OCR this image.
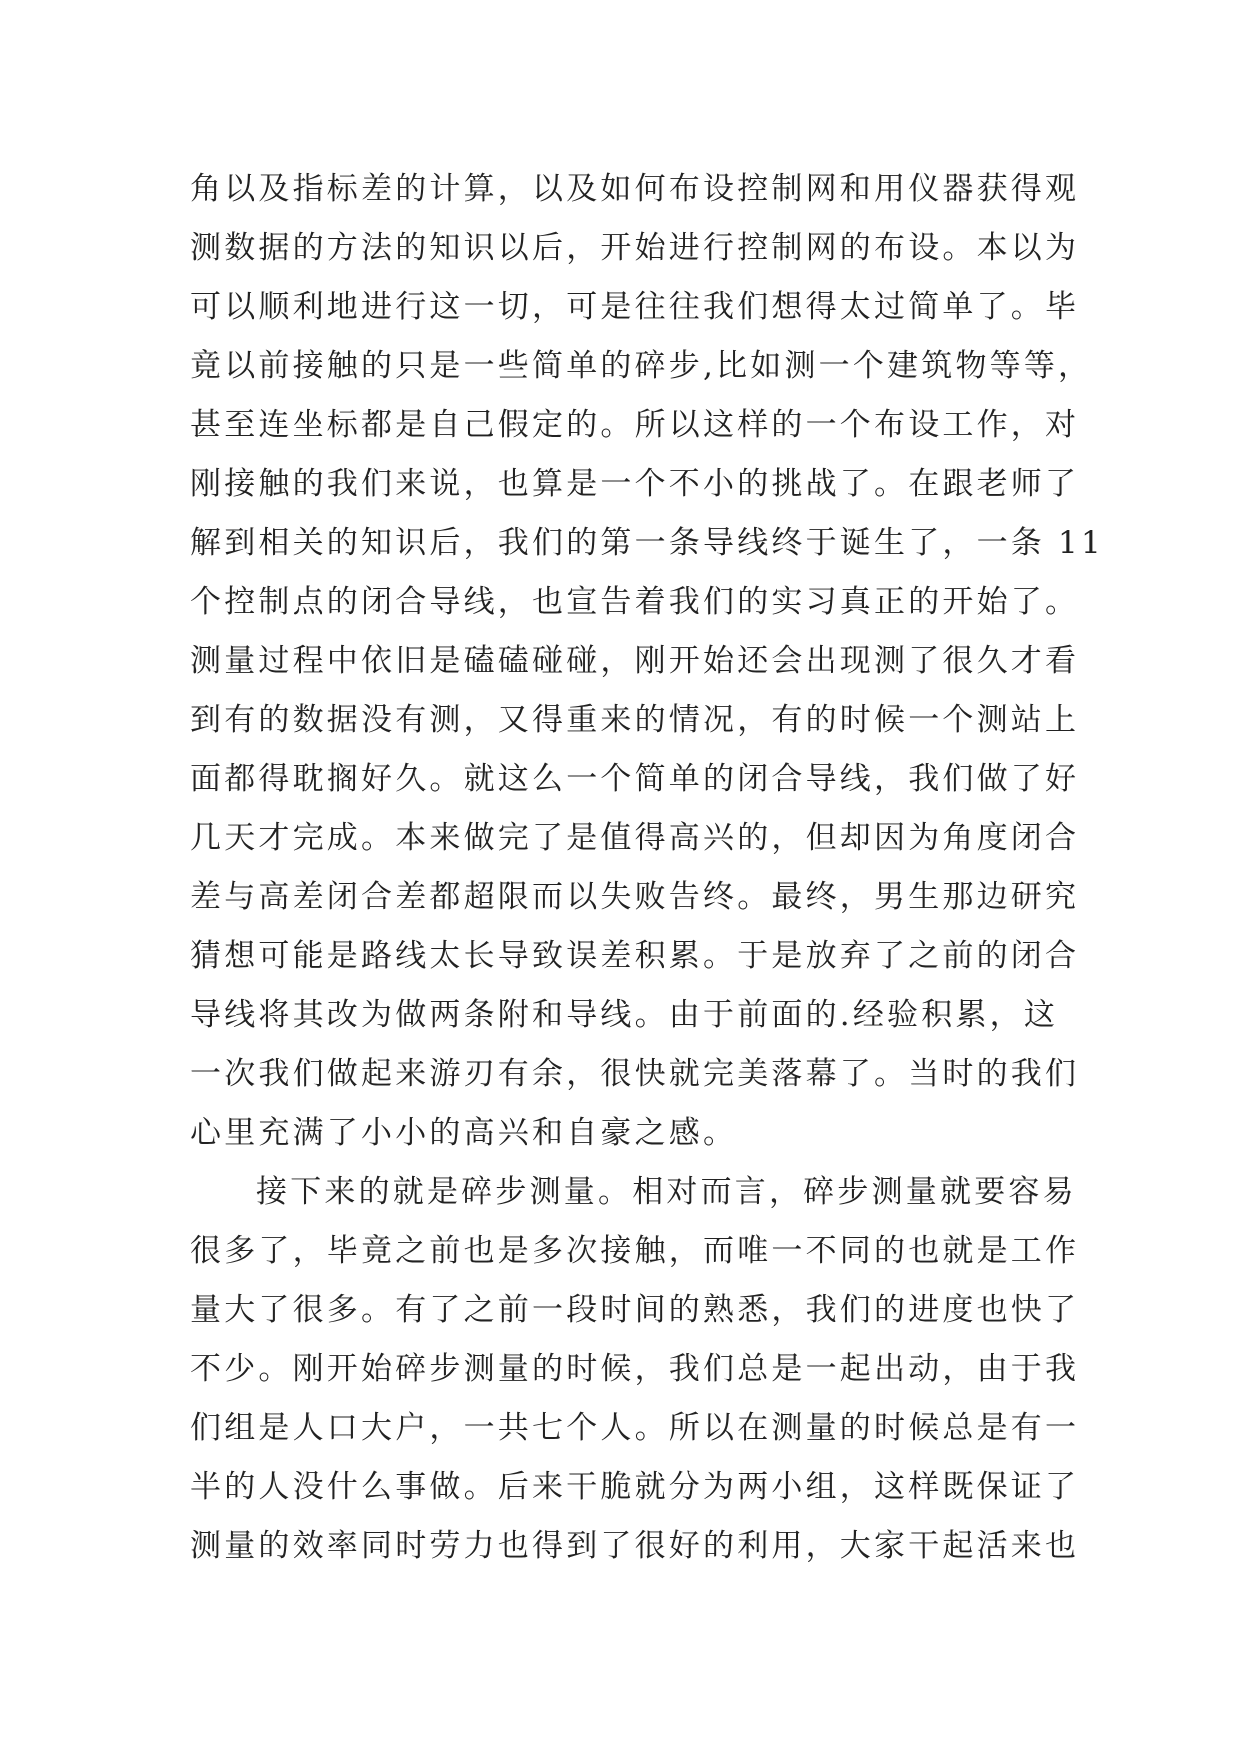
角以及指标差的计算，以及如何布设控制网和用仪器获得观
测数据的方法的知识以后，开始进行控制网的布设。本以为
可以顺利地进行这一切，可是往往我们想得太过简单了。毕
竟以前接触的只是一些简单的碎步,比如测一个建筑物等等，
甚至连坐标都是自己假定的。所以这样的一个布设工作，对
刚接触的我们来说，也算是一个不小的挑战了。在跟老师了
解到相关的知识后，我们的第一条导线终于诞生了，一条 11
个控制点的闭合导线，也宣告着我们的实习真正的开始了。
测量过程中依旧是磕磕碰碰，刚开始还会出现测了很久才看
到有的数据没有测，又得重来的情况，有的时候一个测站上
面都得耽搁好久。就这么一个简单的闭合导线，我们做了好
几天才完成。本来做完了是值得高兴的，但却因为角度闭合
差与高差闭合差都超限而以失败告终。最终，男生那边研究
猜想可能是路线太长导致误差积累。于是放弃了之前的闭合
导线将其改为做两条附和导线。由于前面的.经验积累，这
一次我们做起来游刃有余，很快就完美落幕了。当时的我们
心里充满了小小的高兴和自豪之感。
接下来的就是碎步测量。相对而言，碎步测量就要容易
很多了，毕竟之前也是多次接触，而唯一不同的也就是工作
量大了很多。有了之前一段时间的熟悉，我们的进度也快了
不少。刚开始碎步测量的时候，我们总是一起出动，由于我
们组是人口大户，一共七个人。所以在测量的时候总是有一
半的人没什么事做。后来干脆就分为两小组，这样既保证了
测量的效率同时劳力也得到了很好的利用，大家干起活来也
